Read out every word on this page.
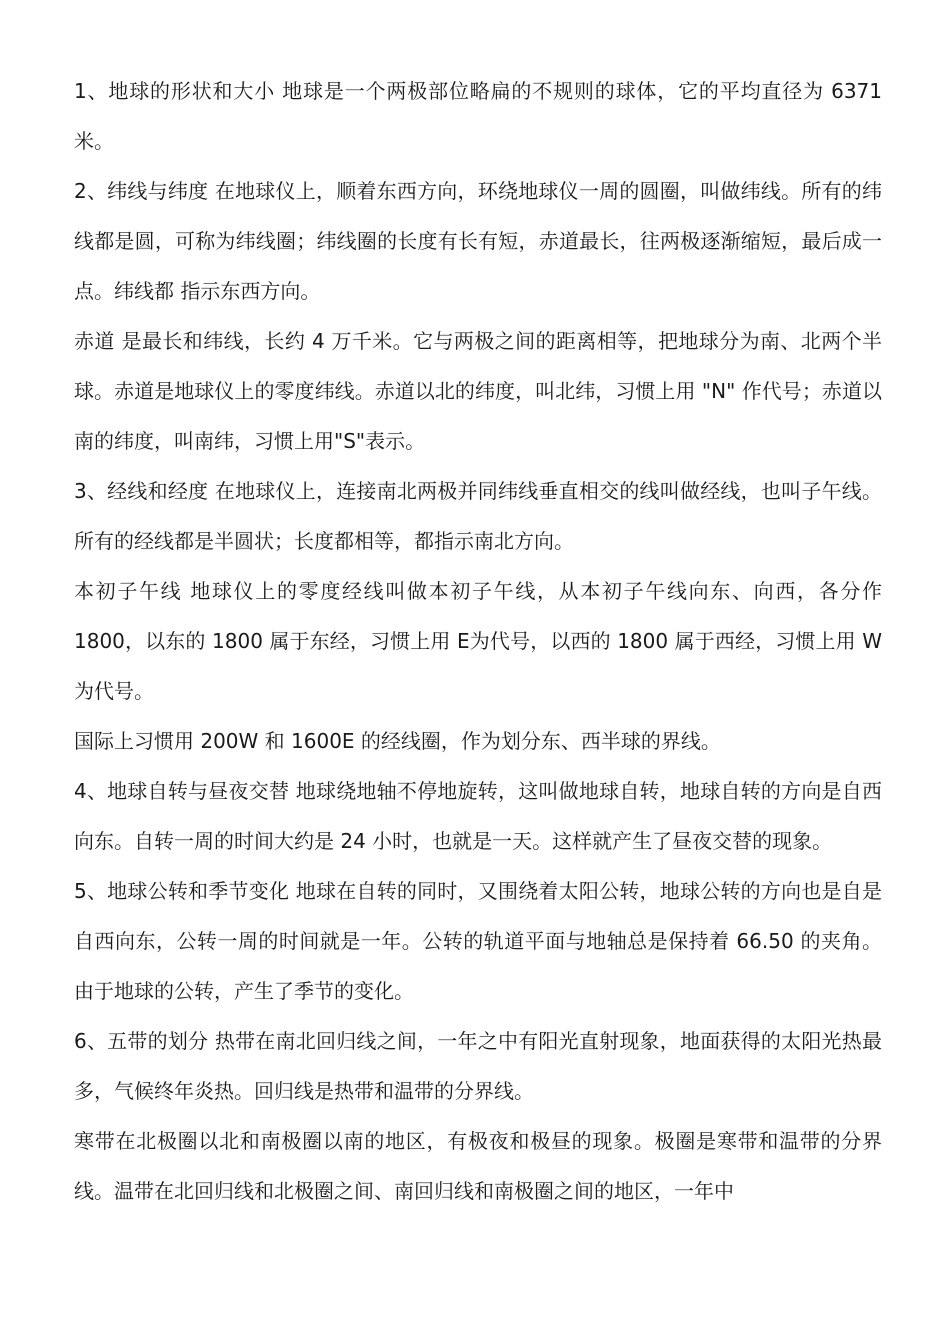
1、地球的形状和大小 地球是一个两极部位略扁的不规则的球体，它的平均直径为 6371 米。

2、纬线与纬度 在地球仪上，顺着东西方向，环绕地球仪一周的圆圈，叫做纬线。所有的纬线都是圆，可称为纬线圈；纬线圈的长度有长有短，赤道最长，往两极逐渐缩短，最后成一点。纬线都 指示东西方向。

赤道 是最长和纬线，长约 4 万千米。它与两极之间的距离相等，把地球分为南、北两个半球。赤道是地球仪上的零度纬线。赤道以北的纬度，叫北纬，习惯上用 "N" 作代号；赤道以南的纬度，叫南纬，习惯上用"S"表示。

3、经线和经度 在地球仪上，连接南北两极并同纬线垂直相交的线叫做经线，也叫子午线。所有的经线都是半圆状；长度都相等，都指示南北方向。

本初子午线 地球仪上的零度经线叫做本初子午线，从本初子午线向东、向西，各分作 1800，以东的 1800 属于东经，习惯上用 E为代号，以西的 1800 属于西经，习惯上用 W为代号。

国际上习惯用 200W 和 1600E 的经线圈，作为划分东、西半球的界线。

4、地球自转与昼夜交替 地球绕地轴不停地旋转，这叫做地球自转，地球自转的方向是自西向东。自转一周的时间大约是 24 小时，也就是一天。这样就产生了昼夜交替的现象。

5、地球公转和季节变化 地球在自转的同时，又围绕着太阳公转，地球公转的方向也是自是自西向东，公转一周的时间就是一年。公转的轨道平面与地轴总是保持着 66.50 的夹角。由于地球的公转，产生了季节的变化。

6、五带的划分 热带在南北回归线之间，一年之中有阳光直射现象，地面获得的太阳光热最多，气候终年炎热。回归线是热带和温带的分界线。

寒带在北极圈以北和南极圈以南的地区，有极夜和极昼的现象。极圈是寒带和温带的分界线。温带在北回归线和北极圈之间、南回归线和南极圈之间的地区，一年中
